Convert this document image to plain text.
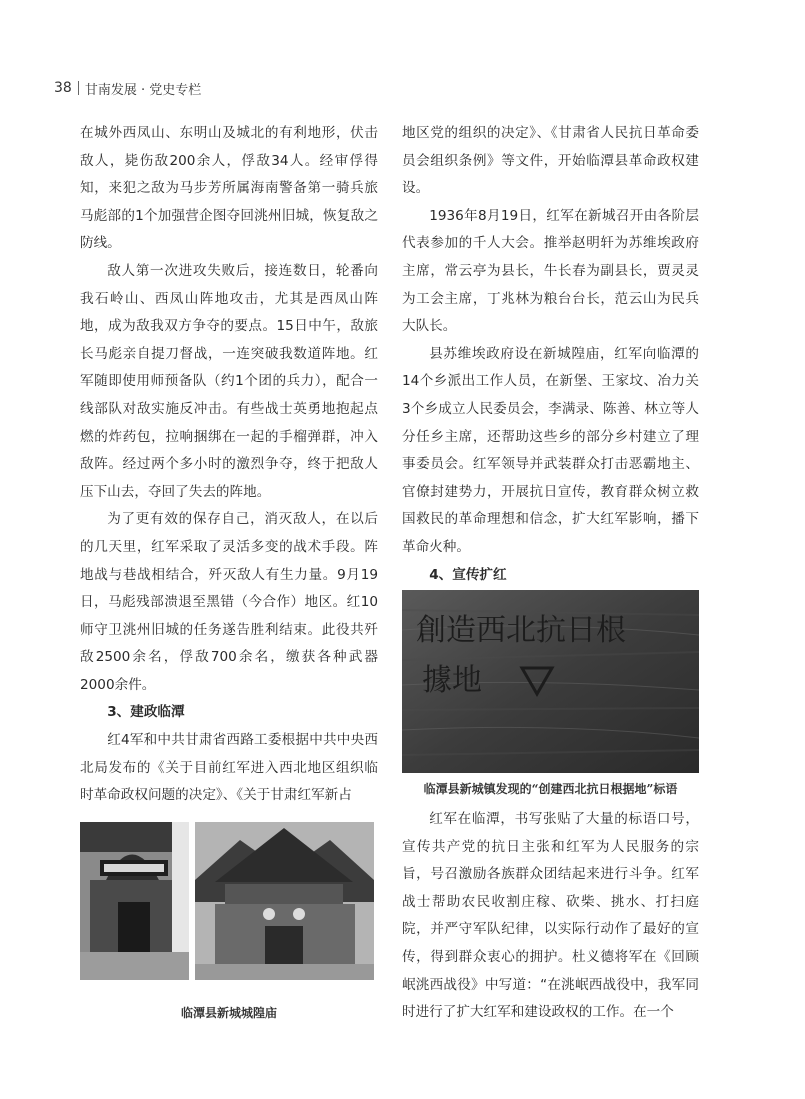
38 甘南发展 · 党史专栏

在城外西凤山、东明山及城北的有利地形，伏击敌人，毙伤敌200余人，俘敌34人。经审俘得知，来犯之敌为马步芳所属海南警备第一骑兵旅马彪部的1个加强营企图夺回洮州旧城，恢复敌之防线。

敌人第一次进攻失败后，接连数日，轮番向我石岭山、西凤山阵地攻击，尤其是西凤山阵地，成为敌我双方争夺的要点。15日中午，敌旅长马彪亲自提刀督战，一连突破我数道阵地。红军随即使用师预备队（约1个团的兵力），配合一线部队对敌实施反冲击。有些战士英勇地抱起点燃的炸药包，拉响捆绑在一起的手榴弹群，冲入敌阵。经过两个多小时的激烈争夺，终于把敌人压下山去，夺回了失去的阵地。

为了更有效的保存自己，消灭敌人，在以后的几天里，红军采取了灵活多变的战术手段。阵地战与巷战相结合，歼灭敌人有生力量。9月19日，马彪残部溃退至黑错（今合作）地区。红10师守卫洮州旧城的任务遂告胜利结束。此役共歼敌2500余名，俘敌700余名，缴获各种武器2000余件。

3、建政临潭

红4军和中共甘肃省西路工委根据中共中央西北局发布的《关于目前红军进入西北地区组织临时革命政权问题的决定》、《关于甘肃红军新占

地区党的组织的决定》、《甘肃省人民抗日革命委员会组织条例》等文件，开始临潭县革命政权建设。

1936年8月19日，红军在新城召开由各阶层代表参加的千人大会。推举赵明轩为苏维埃政府主席，常云亭为县长，牛长春为副县长，贾灵灵为工会主席，丁兆林为粮台台长，范云山为民兵大队长。

县苏维埃政府设在新城隍庙，红军向临潭的14个乡派出工作人员，在新堡、王家坟、冶力关3个乡成立人民委员会，李满录、陈善、林立等人分任乡主席，还帮助这些乡的部分乡村建立了理事委员会。红军领导并武装群众打击恶霸地主、官僚封建势力，开展抗日宣传，教育群众树立救国救民的革命理想和信念，扩大红军影响，播下革命火种。

4、宣传扩红
創造西北抗日根
據地
临潭县新城镇发现的“创建西北抗日根据地”标语

红军在临潭，书写张贴了大量的标语口号，宣传共产党的抗日主张和红军为人民服务的宗旨，号召激励各族群众团结起来进行斗争。红军战士帮助农民收割庄稼、砍柴、挑水、打扫庭院，并严守军队纪律，以实际行动作了最好的宣传，得到群众衷心的拥护。杜义德将军在《回顾岷洮西战役》中写道：“在洮岷西战役中，我军同时进行了扩大红军和建设政权的工作。在一个

临潭县新城城隍庙
